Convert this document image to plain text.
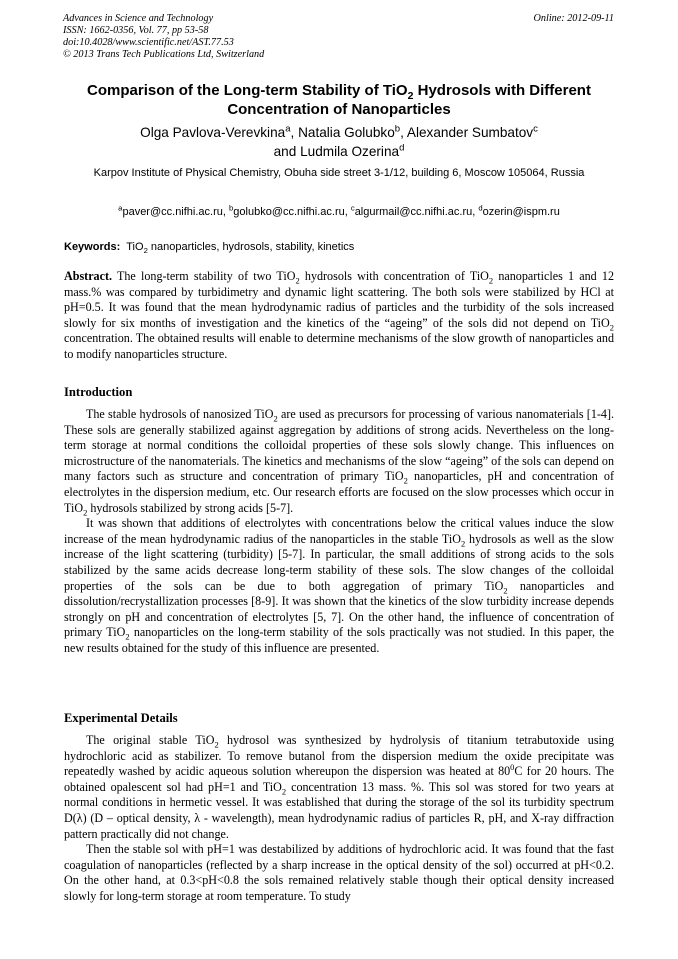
Advances in Science and Technology
ISSN: 1662-0356, Vol. 77, pp 53-58
doi:10.4028/www.scientific.net/AST.77.53
© 2013 Trans Tech Publications Ltd, Switzerland
Online: 2012-09-11
Comparison of the Long-term Stability of TiO$_2$ Hydrosols with Different Concentration of Nanoparticles
Olga Pavlova-Verevkina$^a$, Natalia Golubko$^b$, Alexander Sumbatov$^c$
and Ludmila Ozerina$^d$
Karpov Institute of Physical Chemistry, Obuha side street 3-1/12, building 6, Moscow 105064, Russia
$^a$paver@cc.nifhi.ac.ru, $^b$golubko@cc.nifhi.ac.ru, $^c$algurmail@cc.nifhi.ac.ru, $^d$ozerin@ispm.ru
Keywords: TiO$_2$ nanoparticles, hydrosols, stability, kinetics

Abstract. The long-term stability of two TiO$_2$ hydrosols with concentration of TiO$_2$ nanoparticles 1 and 12 mass.% was compared by turbidimetry and dynamic light scattering. The both sols were stabilized by HCl at pH=0.5. It was found that the mean hydrodynamic radius of particles and the turbidity of the sols increased slowly for six months of investigation and the kinetics of the “ageing” of the sols did not depend on TiO$_2$ concentration. The obtained results will enable to determine mechanisms of the slow growth of nanoparticles and to modify nanoparticles structure.

Introduction

The stable hydrosols of nanosized TiO$_2$ are used as precursors for processing of various nanomaterials [1-4]. These sols are generally stabilized against aggregation by additions of strong acids. Nevertheless on the long-term storage at normal conditions the colloidal properties of these sols slowly change. This influences on microstructure of the nanomaterials. The kinetics and mechanisms of the slow “ageing” of the sols can depend on many factors such as structure and concentration of primary TiO$_2$ nanoparticles, pH and concentration of electrolytes in the dispersion medium, etc. Our research efforts are focused on the slow processes which occur in TiO$_2$ hydrosols stabilized by strong acids [5-7].

It was shown that additions of electrolytes with concentrations below the critical values induce the slow increase of the mean hydrodynamic radius of the nanoparticles in the stable TiO$_2$ hydrosols as well as the slow increase of the light scattering (turbidity) [5-7]. In particular, the small additions of strong acids to the sols stabilized by the same acids decrease long-term stability of these sols. The slow changes of the colloidal properties of the sols can be due to both aggregation of primary TiO$_2$ nanoparticles and dissolution/recrystallization processes [8-9]. It was shown that the kinetics of the slow turbidity increase depends strongly on pH and concentration of electrolytes [5, 7]. On the other hand, the influence of concentration of primary TiO$_2$ nanoparticles on the long-term stability of the sols practically was not studied. In this paper, the new results obtained for the study of this influence are presented.

Experimental Details

The original stable TiO$_2$ hydrosol was synthesized by hydrolysis of titanium tetrabutoxide using hydrochloric acid as stabilizer. To remove butanol from the dispersion medium the oxide precipitate was repeatedly washed by acidic aqueous solution whereupon the dispersion was heated at $80^0C$ for 20 hours. The obtained opalescent sol had pH=1 and TiO$_2$ concentration 13 mass. %. This sol was stored for two years at normal conditions in hermetic vessel. It was established that during the storage of the sol its turbidity spectrum D(λ) (D – optical density, λ - wavelength), mean hydrodynamic radius of particles R, pH, and X-ray diffraction pattern practically did not change.

Then the stable sol with pH=1 was destabilized by additions of hydrochloric acid. It was found that the fast coagulation of nanoparticles (reflected by a sharp increase in the optical density of the sol) occurred at pH<0.2. On the other hand, at 0.3<pH<0.8 the sols remained relatively stable though their optical density increased slowly for long-term storage at room temperature. To study
